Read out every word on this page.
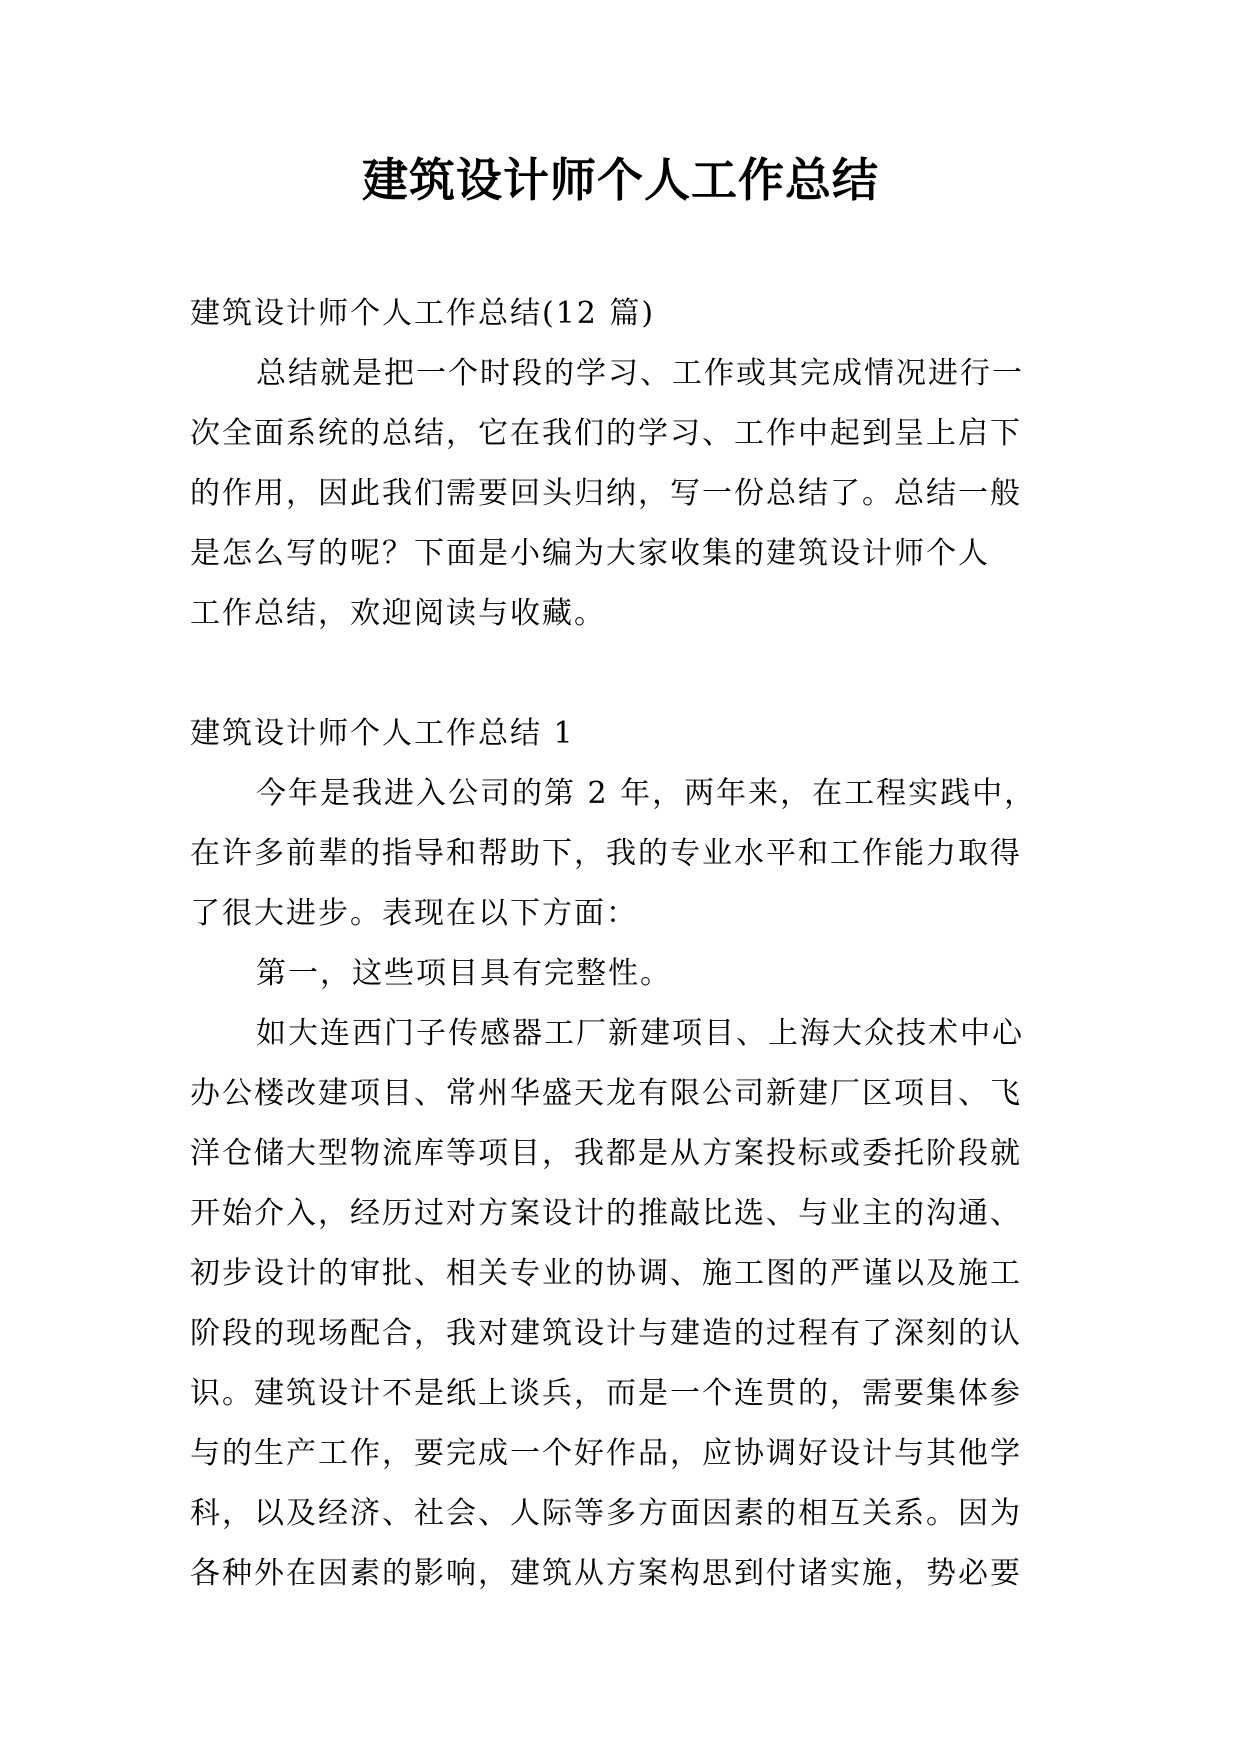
建筑设计师个人工作总结

建筑设计师个人工作总结(12 篇)

总结就是把一个时段的学习、工作或其完成情况进行一

次全面系统的总结，它在我们的学习、工作中起到呈上启下

的作用，因此我们需要回头归纳，写一份总结了。总结一般

是怎么写的呢？下面是小编为大家收集的建筑设计师个人

工作总结，欢迎阅读与收藏。

建筑设计师个人工作总结 1

今年是我进入公司的第 2 年，两年来，在工程实践中，

在许多前辈的指导和帮助下，我的专业水平和工作能力取得

了很大进步。表现在以下方面：

第一，这些项目具有完整性。

如大连西门子传感器工厂新建项目、上海大众技术中心

办公楼改建项目、常州华盛天龙有限公司新建厂区项目、飞

洋仓储大型物流库等项目，我都是从方案投标或委托阶段就

开始介入，经历过对方案设计的推敲比选、与业主的沟通、

初步设计的审批、相关专业的协调、施工图的严谨以及施工

阶段的现场配合，我对建筑设计与建造的过程有了深刻的认

识。建筑设计不是纸上谈兵，而是一个连贯的，需要集体参

与的生产工作，要完成一个好作品，应协调好设计与其他学

科，以及经济、社会、人际等多方面因素的相互关系。因为

各种外在因素的影响，建筑从方案构思到付诸实施，势必要
